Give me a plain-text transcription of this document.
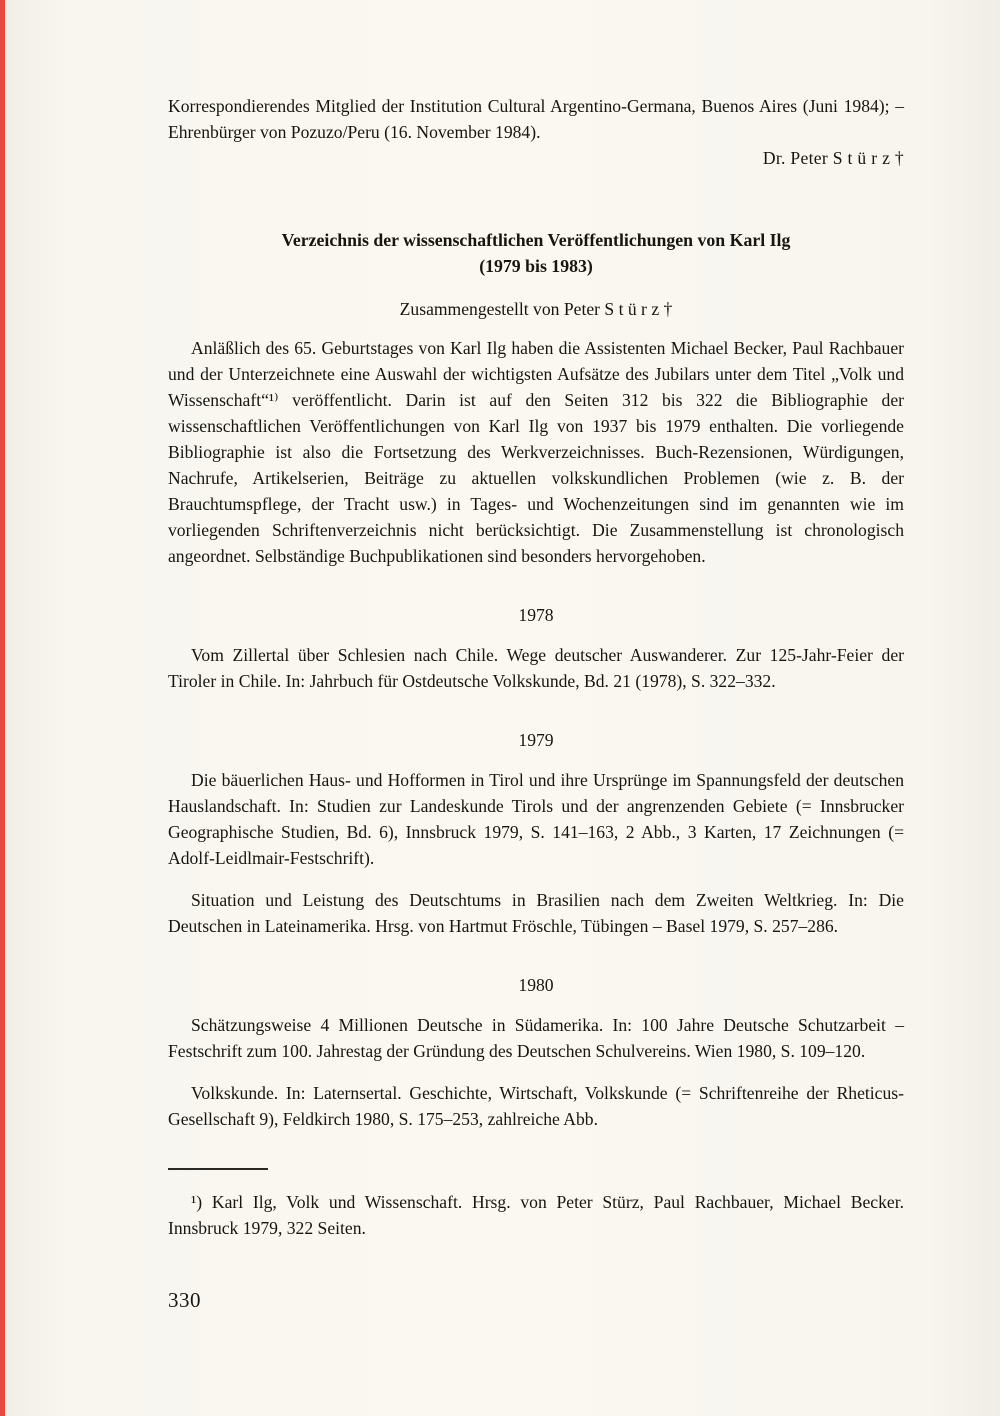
Korrespondierendes Mitglied der Institution Cultural Argentino-Germana, Buenos Aires (Juni 1984); – Ehrenbürger von Pozuzo/Peru (16. November 1984).

Dr. Peter S t ü r z †

Verzeichnis der wissenschaftlichen Veröffentlichungen von Karl Ilg
(1979 bis 1983)

Zusammengestellt von Peter S t ü r z †

Anläßlich des 65. Geburtstages von Karl Ilg haben die Assistenten Michael Becker, Paul Rachbauer und der Unterzeichnete eine Auswahl der wichtigsten Aufsätze des Jubilars unter dem Titel „Volk und Wissenschaft“¹⁾ veröffentlicht. Darin ist auf den Seiten 312 bis 322 die Bibliographie der wissenschaftlichen Veröffentlichungen von Karl Ilg von 1937 bis 1979 enthalten. Die vorliegende Bibliographie ist also die Fortsetzung des Werkverzeichnisses. Buch-Rezensionen, Würdigungen, Nachrufe, Artikelserien, Beiträge zu aktuellen volkskundlichen Problemen (wie z. B. der Brauchtumspflege, der Tracht usw.) in Tages- und Wochenzeitungen sind im genannten wie im vorliegenden Schriftenverzeichnis nicht berücksichtigt. Die Zusammenstellung ist chronologisch angeordnet. Selbständige Buchpublikationen sind besonders hervorgehoben.

1978

Vom Zillertal über Schlesien nach Chile. Wege deutscher Auswanderer. Zur 125-Jahr-Feier der Tiroler in Chile. In: Jahrbuch für Ostdeutsche Volkskunde, Bd. 21 (1978), S. 322–332.

1979

Die bäuerlichen Haus- und Hofformen in Tirol und ihre Ursprünge im Spannungsfeld der deutschen Hauslandschaft. In: Studien zur Landeskunde Tirols und der angrenzenden Gebiete (= Innsbrucker Geographische Studien, Bd. 6), Innsbruck 1979, S. 141–163, 2 Abb., 3 Karten, 17 Zeichnungen (= Adolf-Leidlmair-Festschrift).

Situation und Leistung des Deutschtums in Brasilien nach dem Zweiten Weltkrieg. In: Die Deutschen in Lateinamerika. Hrsg. von Hartmut Fröschle, Tübingen – Basel 1979, S. 257–286.

1980

Schätzungsweise 4 Millionen Deutsche in Südamerika. In: 100 Jahre Deutsche Schutzarbeit – Festschrift zum 100. Jahrestag der Gründung des Deutschen Schulvereins. Wien 1980, S. 109–120.

Volkskunde. In: Laternsertal. Geschichte, Wirtschaft, Volkskunde (= Schriftenreihe der Rheticus-Gesellschaft 9), Feldkirch 1980, S. 175–253, zahlreiche Abb.

¹) Karl Ilg, Volk und Wissenschaft. Hrsg. von Peter Stürz, Paul Rachbauer, Michael Becker. Innsbruck 1979, 322 Seiten.

330
